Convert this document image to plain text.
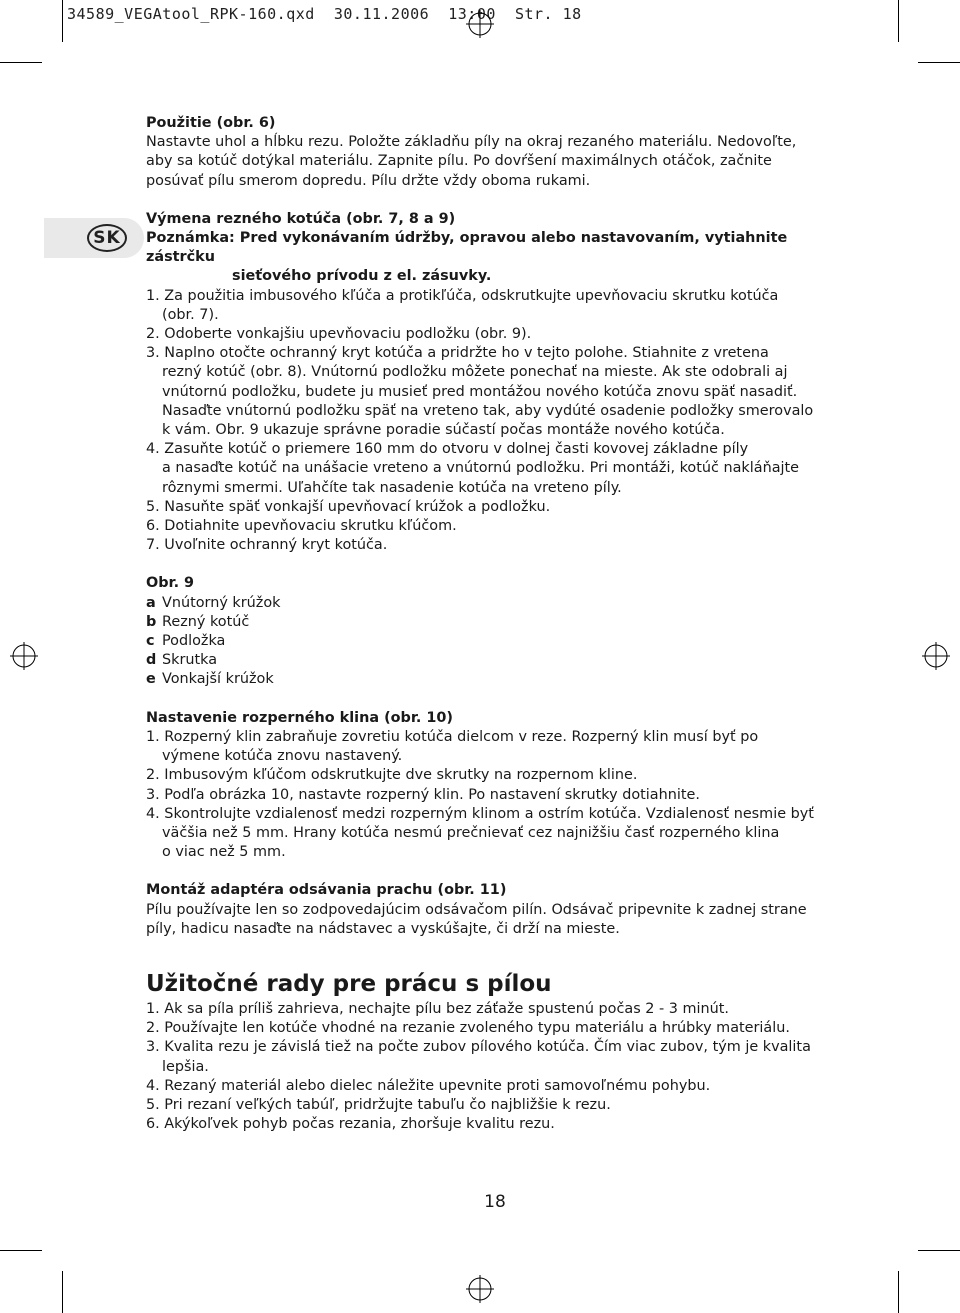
34589_VEGAtool_RPK-160.qxd 30.11.2006 13:00 Str. 18
SK
Použitie (obr. 6)
Nastavte uhol a hĺbku rezu. Položte základňu píly na okraj rezaného materiálu. Nedovoľte,
aby sa kotúč dotýkal materiálu. Zapnite pílu. Po dovŕšení maximálnych otáčok, začnite
posúvať pílu smerom dopredu. Pílu držte vždy oboma rukami.
Výmena rezného kotúča (obr. 7, 8 a 9)
Poznámka: Pred vykonávaním údržby, opravou alebo nastavovaním, vytiahnite zástrčku
sieťového prívodu z el. zásuvky.
1. Za použitia imbusového kľúča a protikľúča, odskrutkujte upevňovaciu skrutku kotúča
(obr. 7).
2. Odoberte vonkajšiu upevňovaciu podložku (obr. 9).
3. Naplno otočte ochranný kryt kotúča a pridržte ho v tejto polohe. Stiahnite z vretena
rezný kotúč (obr. 8). Vnútornú podložku môžete ponechať na mieste. Ak ste odobrali aj
vnútornú podložku, budete ju musieť pred montážou nového kotúča znovu späť nasadiť.
Nasaďte vnútornú podložku späť na vreteno tak, aby vydúté osadenie podložky smerovalo
k vám. Obr. 9 ukazuje správne poradie súčastí počas montáže nového kotúča.
4. Zasuňte kotúč o priemere 160 mm do otvoru v dolnej časti kovovej základne píly
a nasaďte kotúč na unášacie vreteno a vnútornú podložku. Pri montáži, kotúč nakláňajte
rôznymi smermi. Uľahčíte tak nasadenie kotúča na vreteno píly.
5. Nasuňte späť vonkajší upevňovací krúžok a podložku.
6. Dotiahnite upevňovaciu skrutku kľúčom.
7. Uvoľnite ochranný kryt kotúča.
Obr. 9
a Vnútorný krúžok
b Rezný kotúč
c Podložka
d Skrutka
e Vonkajší krúžok
Nastavenie rozperného klina (obr. 10)
1. Rozperný klin zabraňuje zovretiu kotúča dielcom v reze. Rozperný klin musí byť po
výmene kotúča znovu nastavený.
2. Imbusovým kľúčom odskrutkujte dve skrutky na rozpernom kline.
3. Podľa obrázka 10, nastavte rozperný klin. Po nastavení skrutky dotiahnite.
4. Skontrolujte vzdialenosť medzi rozperným klinom a ostrím kotúča. Vzdialenosť nesmie byť
väčšia než 5 mm. Hrany kotúča nesmú prečnievať cez najnižšiu časť rozperného klina
o viac než 5 mm.
Montáž adaptéra odsávania prachu (obr. 11)
Pílu používajte len so zodpovedajúcim odsávačom pilín. Odsávač pripevnite k zadnej strane
píly, hadicu nasaďte na nádstavec a vyskúšajte, či drží na mieste.
Užitočné rady pre prácu s pílou
1. Ak sa píla príliš zahrieva, nechajte pílu bez záťaže spustenú počas 2 - 3 minút.
2. Používajte len kotúče vhodné na rezanie zvoleného typu materiálu a hrúbky materiálu.
3. Kvalita rezu je závislá tiež na počte zubov pílového kotúča. Čím viac zubov, tým je kvalita
lepšia.
4. Rezaný materiál alebo dielec náležite upevnite proti samovoľnému pohybu.
5. Pri rezaní veľkých tabúľ, pridržujte tabuľu čo najbližšie k rezu.
6. Akýkoľvek pohyb počas rezania, zhoršuje kvalitu rezu.
18
